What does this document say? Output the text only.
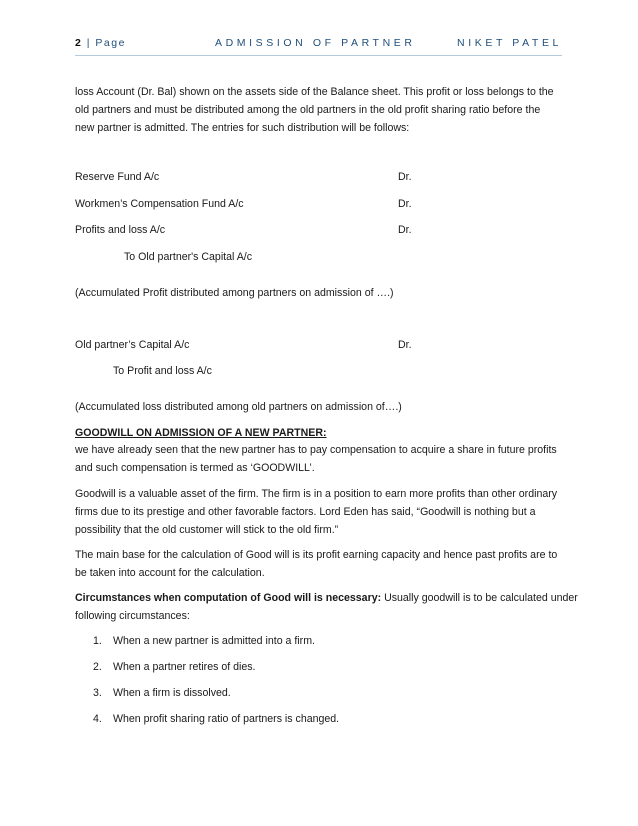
2 | Page	ADMISSION OF PARTNER	NIKET PATEL
loss Account (Dr. Bal) shown on the assets side of the Balance sheet. This profit or loss belongs to the
old partners and must be distributed among the old partners in the old profit sharing ratio before the
new partner is admitted. The entries for such distribution will be follows:
Reserve Fund A/c	Dr.
Workmen’s Compensation Fund A/c	Dr.
Profits and loss A/c	Dr.
To Old partner's Capital A/c
(Accumulated Profit distributed among partners on admission of ….)
Old partner’s Capital A/c	Dr.
To Profit and loss A/c
(Accumulated loss distributed among old partners on admission of….)
GOODWILL ON ADMISSION OF A NEW PARTNER:
we have already seen that the new partner has to pay compensation to acquire a share in future profits
and such compensation is termed as ‘GOODWILL’.
Goodwill is a valuable asset of the firm. The firm is in a position to earn more profits than other ordinary
firms due to its prestige and other favorable factors. Lord Eden has said, “Goodwill is nothing but a
possibility that the old customer will stick to the old firm.”
The main base for the calculation of Good will is its profit earning capacity and hence past profits are to
be taken into account for the calculation.
Circumstances when computation of Good will is necessary: Usually goodwill is to be calculated under
following circumstances:
1. When a new partner is admitted into a firm.
2. When a partner retires of dies.
3. When a firm is dissolved.
4. When profit sharing ratio of partners is changed.
